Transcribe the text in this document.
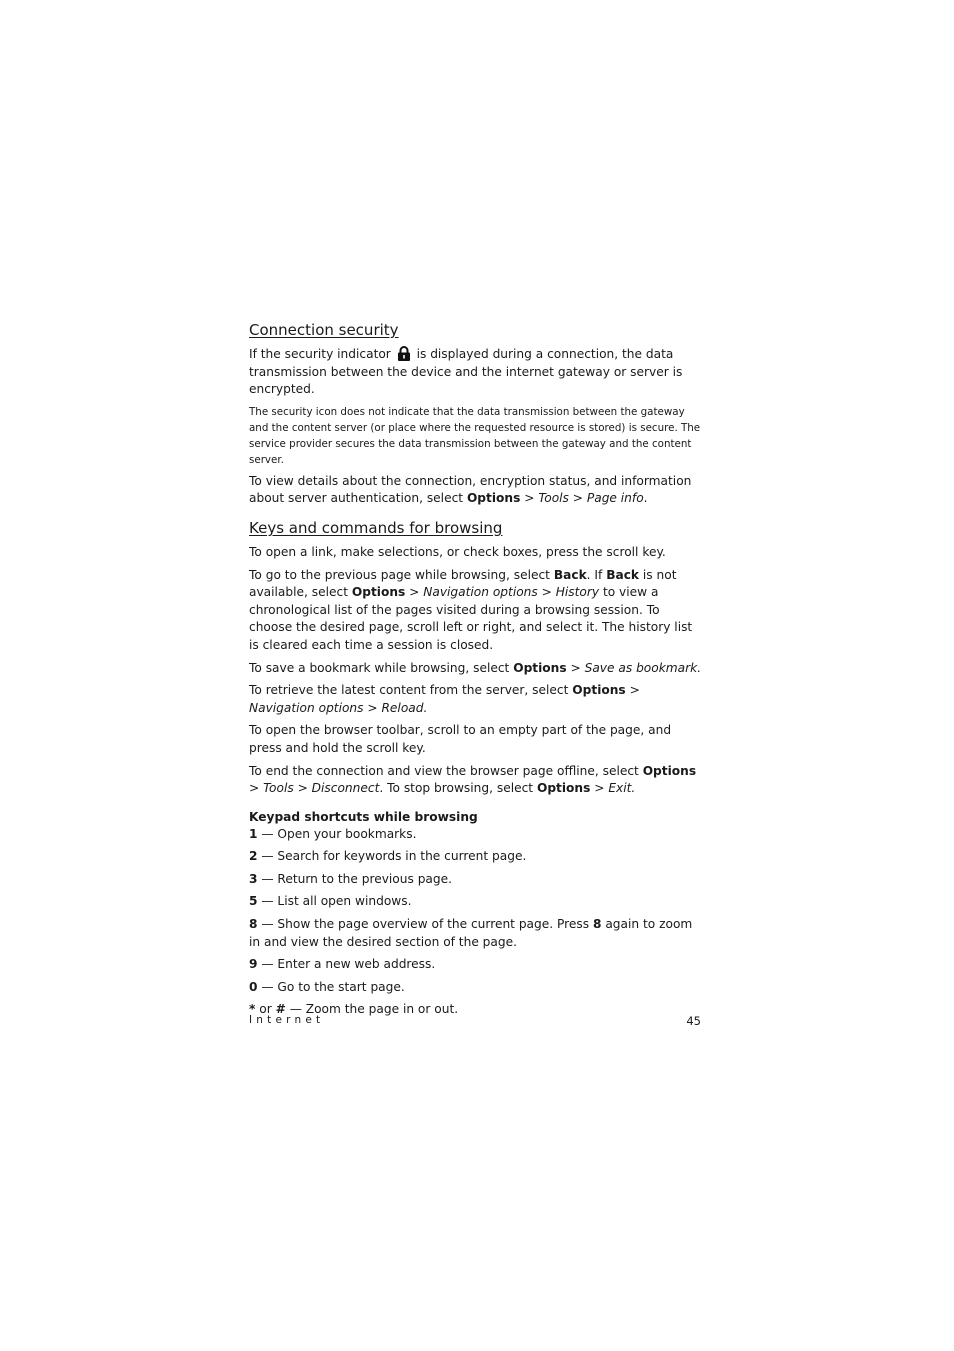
Connection security

If the security indicator is displayed during a connection, the data transmission between the device and the internet gateway or server is encrypted.

The security icon does not indicate that the data transmission between the gateway and the content server (or place where the requested resource is stored) is secure. The service provider secures the data transmission between the gateway and the content server.

To view details about the connection, encryption status, and information about server authentication, select Options > Tools > Page info.

Keys and commands for browsing

To open a link, make selections, or check boxes, press the scroll key.

To go to the previous page while browsing, select Back. If Back is not available, select Options > Navigation options > History to view a chronological list of the pages visited during a browsing session. To choose the desired page, scroll left or right, and select it. The history list is cleared each time a session is closed.

To save a bookmark while browsing, select Options > Save as bookmark.

To retrieve the latest content from the server, select Options > Navigation options > Reload.

To open the browser toolbar, scroll to an empty part of the page, and press and hold the scroll key.

To end the connection and view the browser page offline, select Options > Tools > Disconnect. To stop browsing, select Options > Exit.

Keypad shortcuts while browsing

1 — Open your bookmarks.

2 — Search for keywords in the current page.

3 — Return to the previous page.

5 — List all open windows.

8 — Show the page overview of the current page. Press 8 again to zoom in and view the desired section of the page.

9 — Enter a new web address.

0 — Go to the start page.

* or # — Zoom the page in or out.

Internet	45
